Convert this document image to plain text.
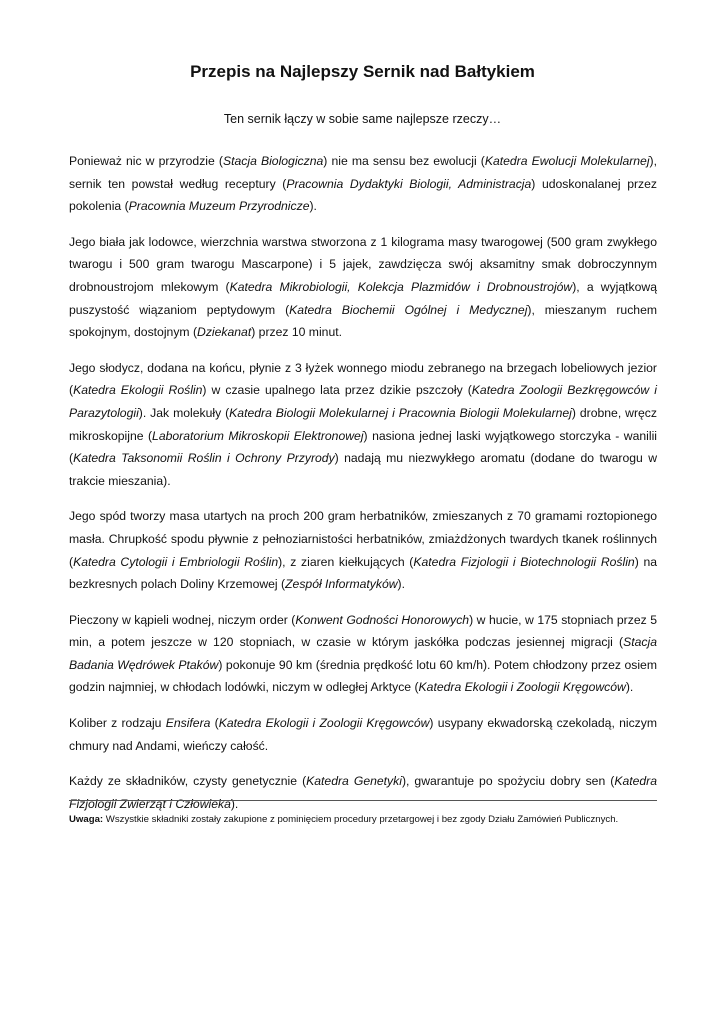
Przepis na Najlepszy Sernik nad Bałtykiem

Ten sernik łączy w sobie same najlepsze rzeczy…

Ponieważ nic w przyrodzie (Stacja Biologiczna) nie ma sensu bez ewolucji (Katedra Ewolucji Molekularnej), sernik ten powstał według receptury (Pracownia Dydaktyki Biologii, Administracja) udoskonalanej przez pokolenia (Pracownia Muzeum Przyrodnicze).

Jego biała jak lodowce, wierzchnia warstwa stworzona z 1 kilograma masy twarogowej (500 gram zwykłego twarogu i 500 gram twarogu Mascarpone) i 5 jajek, zawdzięcza swój aksamitny smak dobroczynnym drobnoustrojom mlekowym (Katedra Mikrobiologii, Kolekcja Plazmidów i Drobnoustrojów), a wyjątkową puszystość wiązaniom peptydowym (Katedra Biochemii Ogólnej i Medycznej), mieszanym ruchem spokojnym, dostojnym (Dziekanat) przez 10 minut.

Jego słodycz, dodana na końcu, płynie z 3 łyżek wonnego miodu zebranego na brzegach lobeliowych jezior (Katedra Ekologii Roślin) w czasie upalnego lata przez dzikie pszczoły (Katedra Zoologii Bezkręgowców i Parazytologii). Jak molekuły (Katedra Biologii Molekularnej i Pracownia Biologii Molekularnej) drobne, wręcz mikroskopijne (Laboratorium Mikroskopii Elektronowej) nasiona jednej laski wyjątkowego storczyka - wanilii (Katedra Taksonomii Roślin i Ochrony Przyrody) nadają mu niezwykłego aromatu (dodane do twarogu w trakcie mieszania).

Jego spód tworzy masa utartych na proch 200 gram herbatników, zmieszanych z 70 gramami roztopionego masła. Chrupkość spodu pływnie z pełnoziarnistości herbatników, zmiażdżonych twardych tkanek roślinnych (Katedra Cytologii i Embriologii Roślin), z ziaren kiełkujących (Katedra Fizjologii i Biotechnologii Roślin) na bezkresnych polach Doliny Krzemowej (Zespół Informatyków).

Pieczony w kąpieli wodnej, niczym order (Konwent Godności Honorowych) w hucie, w 175 stopniach przez 5 min, a potem jeszcze w 120 stopniach, w czasie w którym jaskółka podczas jesiennej migracji (Stacja Badania Wędrówek Ptaków) pokonuje 90 km (średnia prędkość lotu 60 km/h). Potem chłodzony przez osiem godzin najmniej, w chłodach lodówki, niczym w odległej Arktyce (Katedra Ekologii i Zoologii Kręgowców).

Koliber z rodzaju Ensifera (Katedra Ekologii i Zoologii Kręgowców) usypany ekwadorską czekoladą, niczym chmury nad Andami, wieńczy całość.

Każdy ze składników, czysty genetycznie (Katedra Genetyki), gwarantuje po spożyciu dobry sen (Katedra Fizjologii Zwierząt i Człowieka).

Uwaga: Wszystkie składniki zostały zakupione z pominięciem procedury przetargowej i bez zgody Działu Zamówień Publicznych.
